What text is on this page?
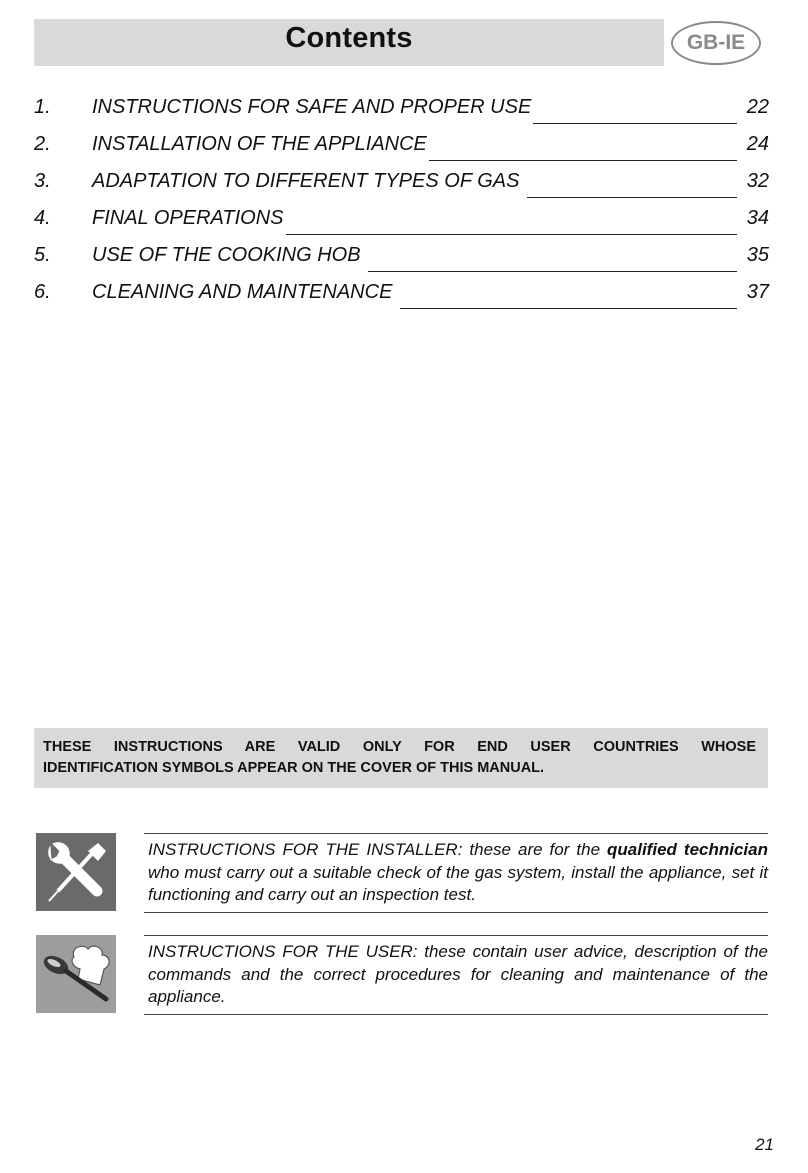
Contents	GB-IE
1.	INSTRUCTIONS FOR SAFE AND PROPER USE	22
2.	INSTALLATION OF THE APPLIANCE	24
3.	ADAPTATION TO DIFFERENT TYPES OF GAS	32
4.	FINAL OPERATIONS	34
5.	USE OF THE COOKING HOB	35
6.	CLEANING AND MAINTENANCE	37
THESE INSTRUCTIONS ARE VALID ONLY FOR END USER COUNTRIES WHOSE
IDENTIFICATION SYMBOLS APPEAR ON THE COVER OF THIS MANUAL.
INSTRUCTIONS FOR THE INSTALLER: these are for the qualified technician who must carry out a suitable check of the gas system, install the appliance, set it functioning and carry out an inspection test.
INSTRUCTIONS FOR THE USER: these contain user advice, description of the commands and the correct procedures for cleaning and maintenance of the appliance.
21
